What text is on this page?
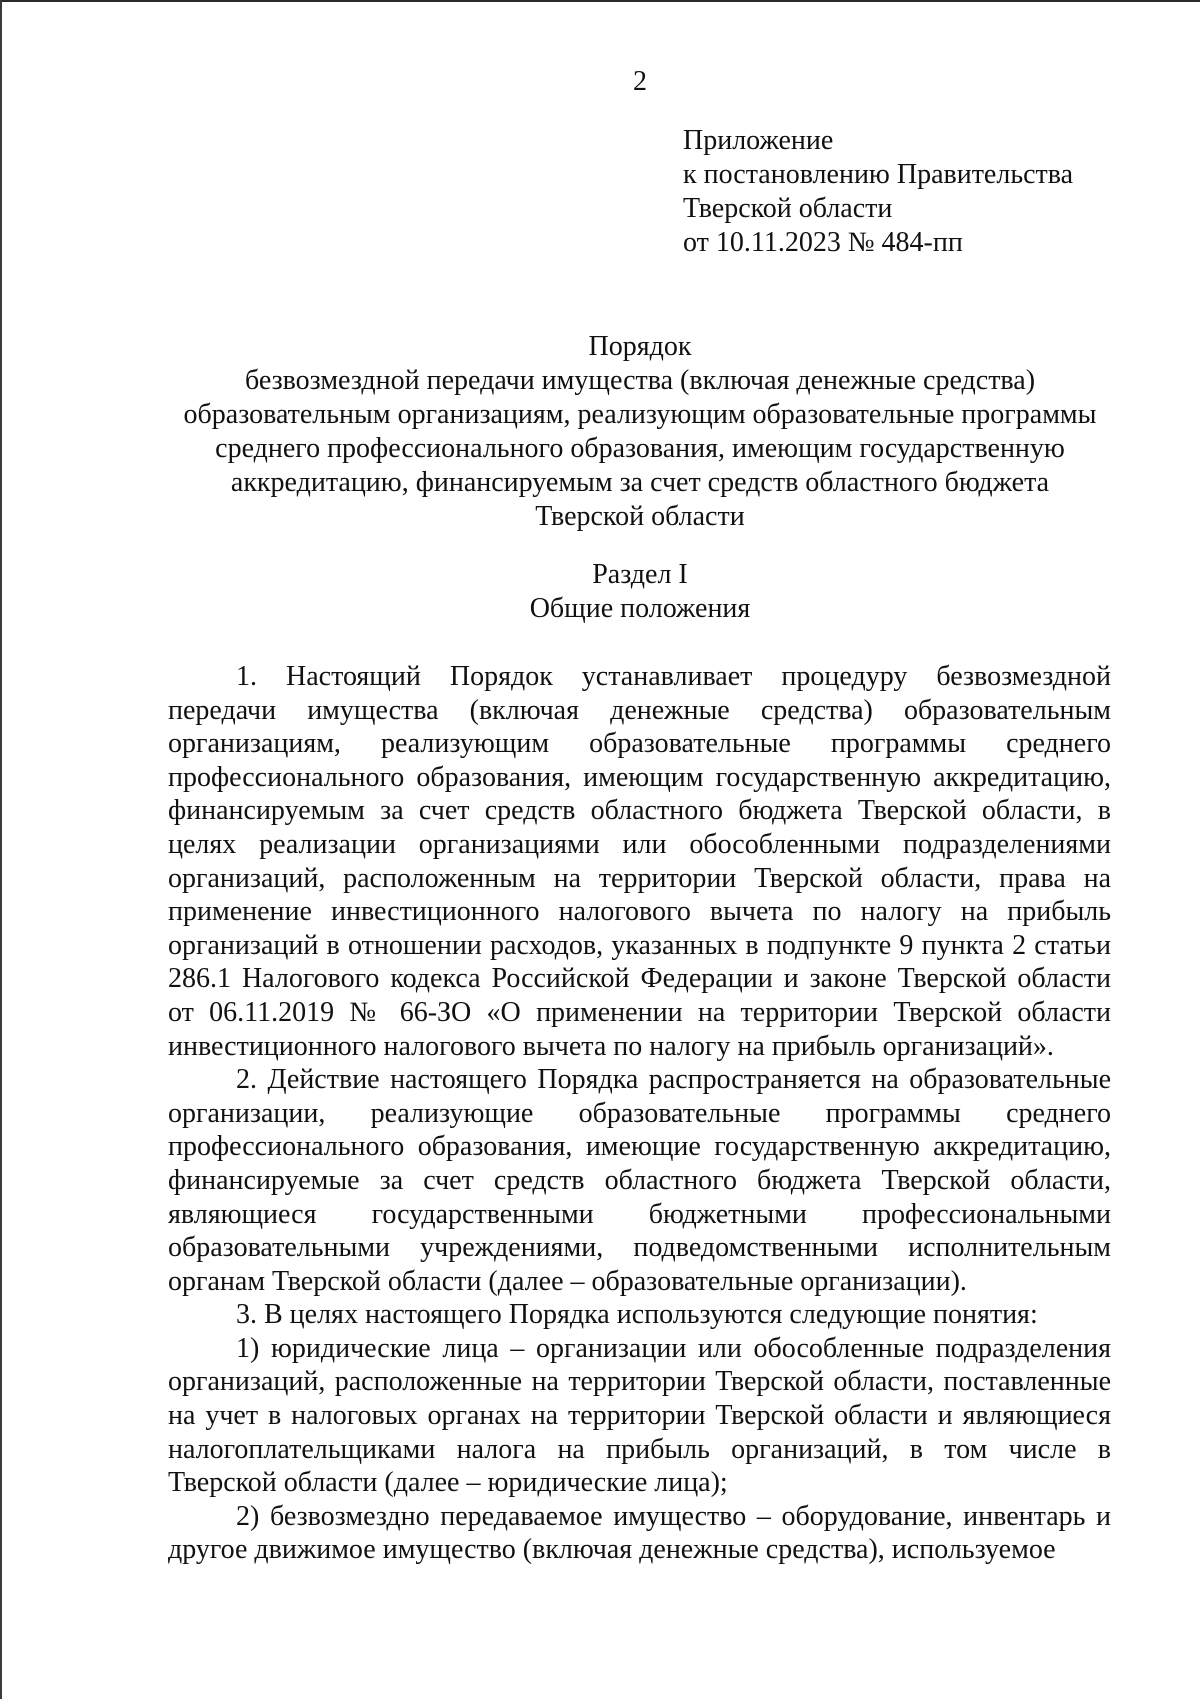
2
Приложение
к постановлению Правительства
Тверской области
от 10.11.2023 № 484-пп
Порядок
безвозмездной передачи имущества (включая денежные средства)
образовательным организациям, реализующим образовательные программы
среднего профессионального образования, имеющим государственную
аккредитацию, финансируемым за счет средств областного бюджета
Тверской области
Раздел I
Общие положения

1. Настоящий Порядок устанавливает процедуру безвозмездной передачи имущества (включая денежные средства) образовательным организациям, реализующим образовательные программы среднего профессионального образования, имеющим государственную аккредитацию, финансируемым за счет средств областного бюджета Тверской области, в целях реализации организациями или обособленными подразделениями организаций, расположенным на территории Тверской области, права на применение инвестиционного налогового вычета по налогу на прибыль организаций в отношении расходов, указанных в подпункте 9 пункта 2 статьи 286.1 Налогового кодекса Российской Федерации и законе Тверской области от 06.11.2019 № 66-ЗО «О применении на территории Тверской области инвестиционного налогового вычета по налогу на прибыль организаций».

2. Действие настоящего Порядка распространяется на образовательные организации, реализующие образовательные программы среднего профессионального образования, имеющие государственную аккредитацию, финансируемые за счет средств областного бюджета Тверской области, являющиеся государственными бюджетными профессиональными образовательными учреждениями, подведомственными исполнительным органам Тверской области (далее – образовательные организации).

3. В целях настоящего Порядка используются следующие понятия:

1) юридические лица – организации или обособленные подразделения организаций, расположенные на территории Тверской области, поставленные на учет в налоговых органах на территории Тверской области и являющиеся налогоплательщиками налога на прибыль организаций, в том числе в Тверской области (далее – юридические лица);

2) безвозмездно передаваемое имущество – оборудование, инвентарь и другое движимое имущество (включая денежные средства), используемое
